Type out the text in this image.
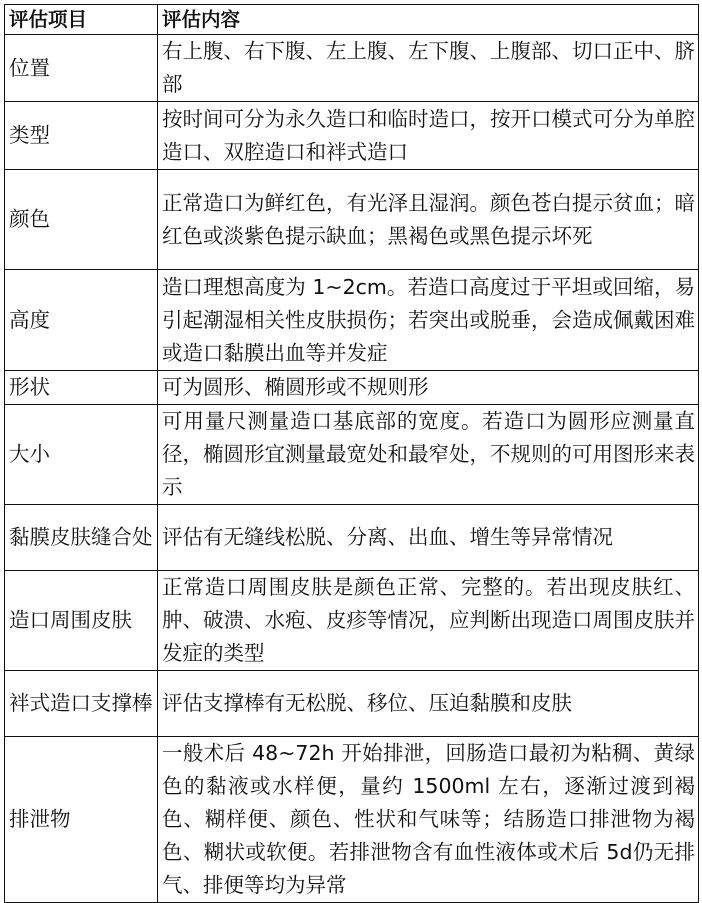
评估项目	评估内容
位置	右上腹、右下腹、左上腹、左下腹、上腹部、切口正中、脐部
类型	按时间可分为永久造口和临时造口，按开口模式可分为单腔造口、双腔造口和袢式造口
颜色	正常造口为鲜红色，有光泽且湿润。颜色苍白提示贫血；暗红色或淡紫色提示缺血；黑褐色或黑色提示坏死
高度	造口理想高度为 1~2cm。若造口高度过于平坦或回缩，易引起潮湿相关性皮肤损伤；若突出或脱垂，会造成佩戴困难或造口黏膜出血等并发症
形状	可为圆形、椭圆形或不规则形
大小	可用量尺测量造口基底部的宽度。若造口为圆形应测量直径，椭圆形宜测量最宽处和最窄处，不规则的可用图形来表示
黏膜皮肤缝合处	评估有无缝线松脱、分离、出血、增生等异常情况
造口周围皮肤	正常造口周围皮肤是颜色正常、完整的。若出现皮肤红、肿、破溃、水疱、皮疹等情况，应判断出现造口周围皮肤并发症的类型
袢式造口支撑棒	评估支撑棒有无松脱、移位、压迫黏膜和皮肤
排泄物	一般术后 48~72h 开始排泄，回肠造口最初为粘稠、黄绿色的黏液或水样便，量约 1500ml 左右，逐渐过渡到褐色、糊样便、颜色、性状和气味等；结肠造口排泄物为褐色、糊状或软便。若排泄物含有血性液体或术后 5d仍无排气、排便等均为异常
